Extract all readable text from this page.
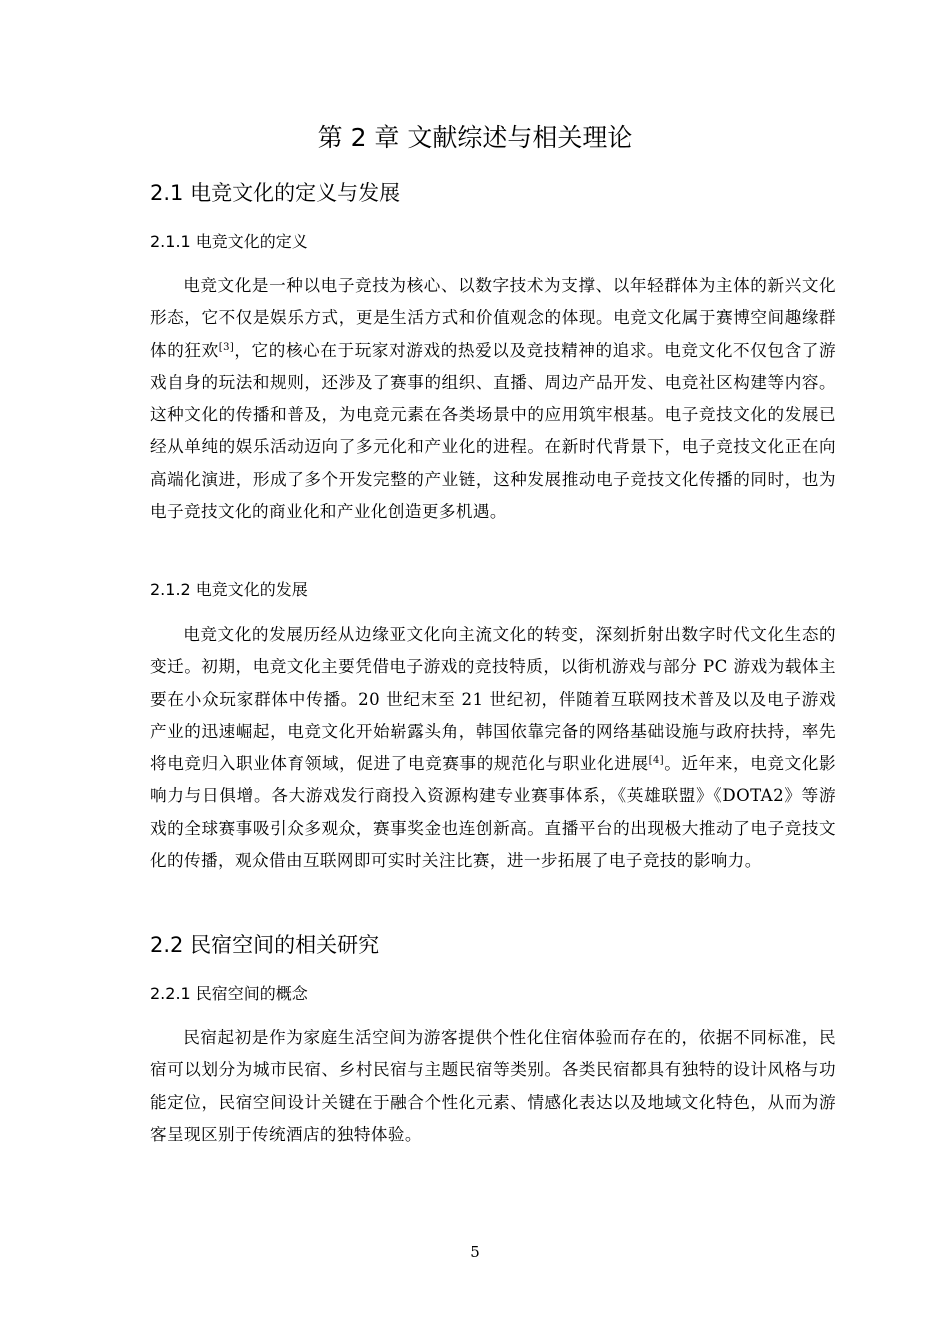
第 2 章 文献综述与相关理论
2.1 电竞文化的定义与发展
2.1.1 电竞文化的定义

电竞文化是一种以电子竞技为核心、以数字技术为支撑、以年轻群体为主体的新兴文化形态，它不仅是娱乐方式，更是生活方式和价值观念的体现。电竞文化属于赛博空间趣缘群体的狂欢[3]，它的核心在于玩家对游戏的热爱以及竞技精神的追求。电竞文化不仅包含了游戏自身的玩法和规则，还涉及了赛事的组织、直播、周边产品开发、电竞社区构建等内容。这种文化的传播和普及，为电竞元素在各类场景中的应用筑牢根基。电子竞技文化的发展已经从单纯的娱乐活动迈向了多元化和产业化的进程。在新时代背景下，电子竞技文化正在向高端化演进，形成了多个开发完整的产业链，这种发展推动电子竞技文化传播的同时，也为电子竞技文化的商业化和产业化创造更多机遇。

2.1.2 电竞文化的发展

电竞文化的发展历经从边缘亚文化向主流文化的转变，深刻折射出数字时代文化生态的变迁。初期，电竞文化主要凭借电子游戏的竞技特质，以街机游戏与部分 PC 游戏为载体主要在小众玩家群体中传播。20 世纪末至 21 世纪初，伴随着互联网技术普及以及电子游戏产业的迅速崛起，电竞文化开始崭露头角，韩国依靠完备的网络基础设施与政府扶持，率先将电竞归入职业体育领域，促进了电竞赛事的规范化与职业化进展[4]。近年来，电竞文化影响力与日俱增。各大游戏发行商投入资源构建专业赛事体系，《英雄联盟》《DOTA2》等游戏的全球赛事吸引众多观众，赛事奖金也连创新高。直播平台的出现极大推动了电子竞技文化的传播，观众借由互联网即可实时关注比赛，进一步拓展了电子竞技的影响力。

2.2 民宿空间的相关研究
2.2.1 民宿空间的概念

民宿起初是作为家庭生活空间为游客提供个性化住宿体验而存在的，依据不同标准，民宿可以划分为城市民宿、乡村民宿与主题民宿等类别。各类民宿都具有独特的设计风格与功能定位，民宿空间设计关键在于融合个性化元素、情感化表达以及地域文化特色，从而为游客呈现区别于传统酒店的独特体验。

5
